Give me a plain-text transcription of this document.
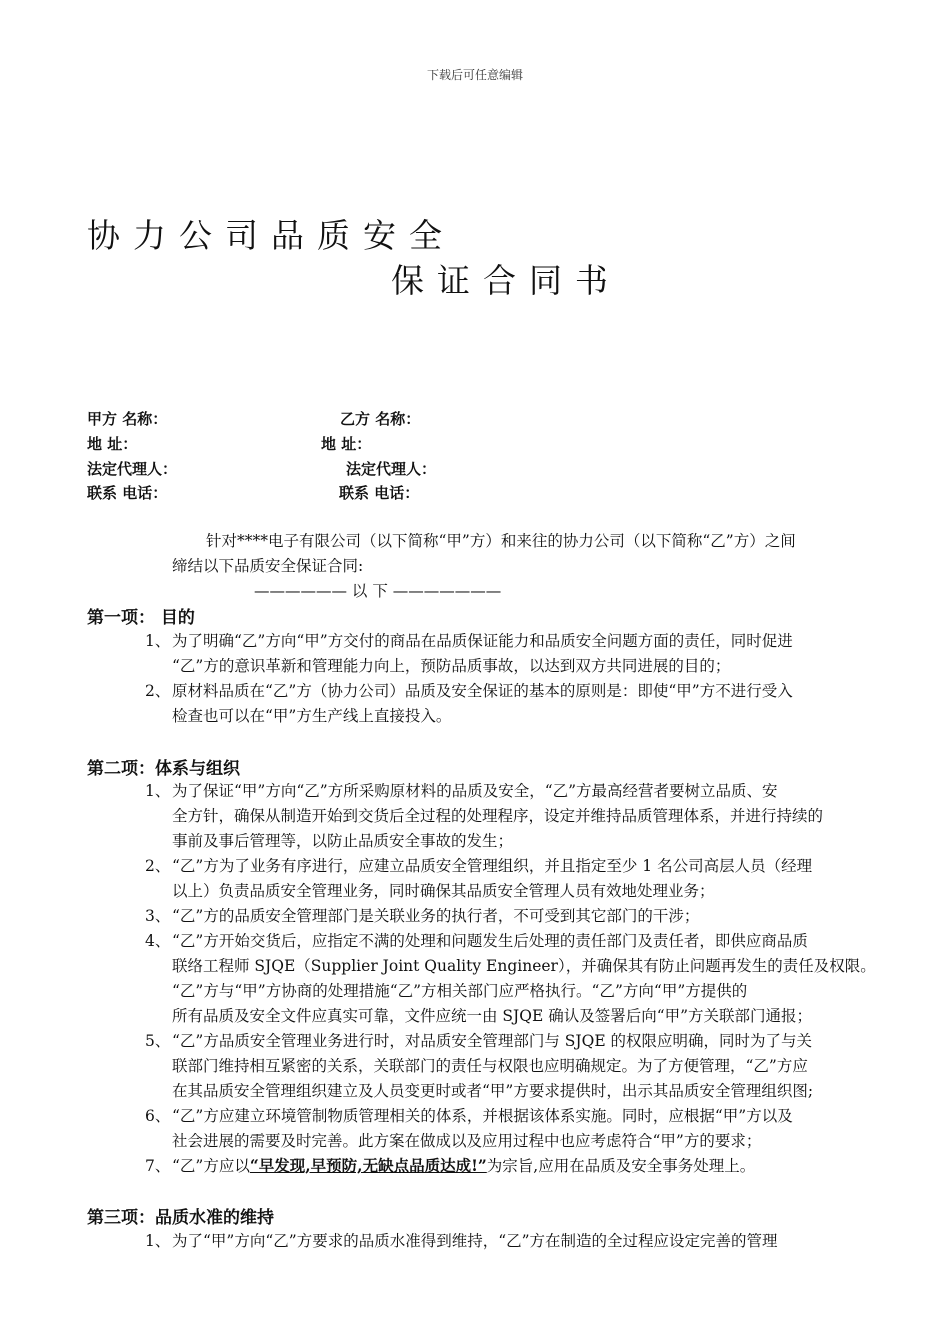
下载后可任意编辑
协力公司品质安全
保证合同书
甲方 名称：	乙方 名称：
地 址：	地 址：
法定代理人：	法定代理人：
联系 电话：	联系 电话：
针对****电子有限公司（以下简称“甲”方）和来往的协力公司（以下简称“乙”方）之间
缔结以下品质安全保证合同:
—————— 以 下 ———————
第一项： 目的
1、 为了明确“乙”方向“甲”方交付的商品在品质保证能力和品质安全问题方面的责任，同时促进
“乙”方的意识革新和管理能力向上，预防品质事故，以达到双方共同进展的目的；
2、 原材料品质在“乙”方（协力公司）品质及安全保证的基本的原则是：即使“甲”方不进行受入
检查也可以在“甲”方生产线上直接投入。
第二项：体系与组织
1、 为了保证“甲”方向“乙”方所采购原材料的品质及安全，“乙”方最高经营者要树立品质、安
全方针，确保从制造开始到交货后全过程的处理程序，设定并维持品质管理体系，并进行持续的
事前及事后管理等，以防止品质安全事故的发生；
2、 “乙”方为了业务有序进行，应建立品质安全管理组织，并且指定至少 1 名公司高层人员（经理
以上）负责品质安全管理业务，同时确保其品质安全管理人员有效地处理业务；
3、 “乙”方的品质安全管理部门是关联业务的执行者，不可受到其它部门的干涉；
4、 “乙”方开始交货后，应指定不满的处理和问题发生后处理的责任部门及责任者，即供应商品质
联络工程师 SJQE（Supplier Joint Quality Engineer），并确保其有防止问题再发生的责任及权限。
“乙”方与“甲”方协商的处理措施“乙”方相关部门应严格执行。“乙”方向“甲”方提供的
所有品质及安全文件应真实可靠，文件应统一由 SJQE 确认及签署后向“甲”方关联部门通报；
5、 “乙”方品质安全管理业务进行时，对品质安全管理部门与 SJQE 的权限应明确，同时为了与关
联部门维持相互紧密的关系，关联部门的责任与权限也应明确规定。为了方便管理，“乙”方应
在其品质安全管理组织建立及人员变更时或者“甲”方要求提供时，出示其品质安全管理组织图;
6、 “乙”方应建立环境管制物质管理相关的体系，并根据该体系实施。同时，应根据“甲”方以及
社会进展的需要及时完善。此方案在做成以及应用过程中也应考虑符合“甲”方的要求；
7、 “乙”方应以“早发现,早预防,无缺点品质达成!”为宗旨,应用在品质及安全事务处理上。
第三项：品质水准的维持
1、 为了“甲”方向“乙”方要求的品质水准得到维持，“乙”方在制造的全过程应设定完善的管理
